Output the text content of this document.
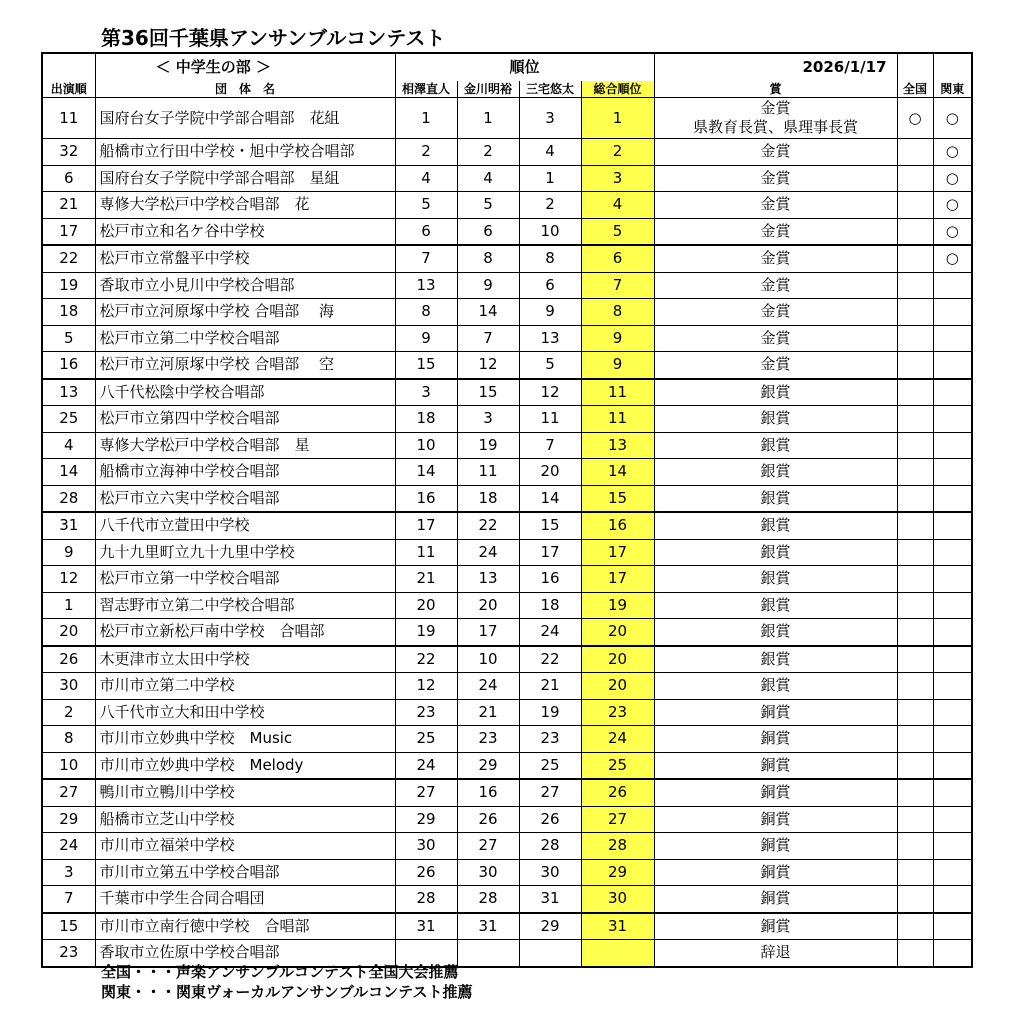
第36回千葉県アンサンブルコンテスト
	＜ 中学生の部 ＞	順位				2026/1/17		
出演順	団　体　名	相澤直人	金川明裕	三宅悠太	総合順位	賞	全国	関東
11	国府台女子学院中学部合唱部　花組	1	1	3	1	金賞
県教育長賞、県理事長賞	○	○
32	船橋市立行田中学校・旭中学校合唱部	2	2	4	2	金賞		○
6	国府台女子学院中学部合唱部　星組	4	4	1	3	金賞		○
21	専修大学松戸中学校合唱部　花	5	5	2	4	金賞		○
17	松戸市立和名ケ谷中学校	6	6	10	5	金賞		○
22	松戸市立常盤平中学校	7	8	8	6	金賞		○
19	香取市立小見川中学校合唱部	13	9	6	7	金賞		
18	松戸市立河原塚中学校 合唱部　 海	8	14	9	8	金賞		
5	松戸市立第二中学校合唱部	9	7	13	9	金賞		
16	松戸市立河原塚中学校 合唱部　 空	15	12	5	9	金賞		
13	八千代松陰中学校合唱部	3	15	12	11	銀賞		
25	松戸市立第四中学校合唱部	18	3	11	11	銀賞		
4	専修大学松戸中学校合唱部　星	10	19	7	13	銀賞		
14	船橋市立海神中学校合唱部	14	11	20	14	銀賞		
28	松戸市立六実中学校合唱部	16	18	14	15	銀賞		
31	八千代市立萱田中学校	17	22	15	16	銀賞		
9	九十九里町立九十九里中学校	11	24	17	17	銀賞		
12	松戸市立第一中学校合唱部	21	13	16	17	銀賞		
1	習志野市立第二中学校合唱部	20	20	18	19	銀賞		
20	松戸市立新松戸南中学校　合唱部	19	17	24	20	銀賞		
26	木更津市立太田中学校	22	10	22	20	銀賞		
30	市川市立第二中学校	12	24	21	20	銀賞		
2	八千代市立大和田中学校	23	21	19	23	銅賞		
8	市川市立妙典中学校　Music	25	23	23	24	銅賞		
10	市川市立妙典中学校　Melody	24	29	25	25	銅賞		
27	鴨川市立鴨川中学校	27	16	27	26	銅賞		
29	船橋市立芝山中学校	29	26	26	27	銅賞		
24	市川市立福栄中学校	30	27	28	28	銅賞		
3	市川市立第五中学校合唱部	26	30	30	29	銅賞		
7	千葉市中学生合同合唱団	28	28	31	30	銅賞		
15	市川市立南行徳中学校　合唱部	31	31	29	31	銅賞		
23	香取市立佐原中学校合唱部					辞退		
全国・・・声楽アンサンブルコンテスト全国大会推薦
関東・・・関東ヴォーカルアンサンブルコンテスト推薦
